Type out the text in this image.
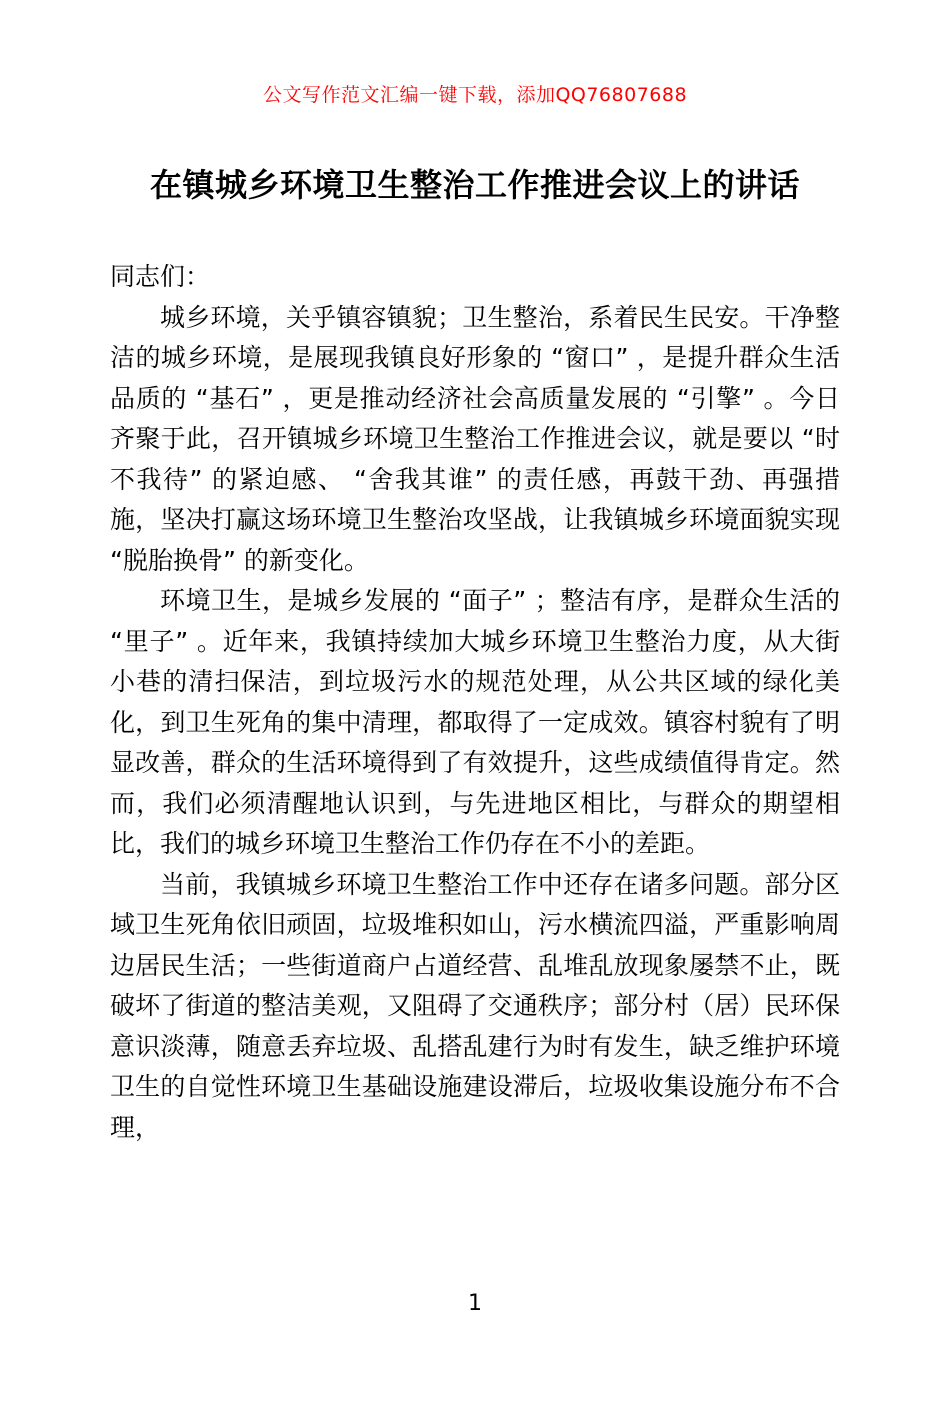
公文写作范文汇编一键下载，添加QQ76807688
在镇城乡环境卫生整治工作推进会议上的讲话

同志们：

城乡环境，关乎镇容镇貌；卫生整治，系着民生民安。干净整洁的城乡环境，是展现我镇良好形象的 “窗口” ，是提升群众生活品质的 “基石” ，更是推动经济社会高质量发展的 “引擎” 。今日齐聚于此，召开镇城乡环境卫生整治工作推进会议，就是要以 “时不我待” 的紧迫感、 “舍我其谁” 的责任感，再鼓干劲、再强措施，坚决打赢这场环境卫生整治攻坚战，让我镇城乡环境面貌实现 “脱胎换骨” 的新变化。

环境卫生，是城乡发展的 “面子” ；整洁有序，是群众生活的 “里子” 。近年来，我镇持续加大城乡环境卫生整治力度，从大街小巷的清扫保洁，到垃圾污水的规范处理，从公共区域的绿化美化，到卫生死角的集中清理，都取得了一定成效。镇容村貌有了明显改善，群众的生活环境得到了有效提升，这些成绩值得肯定。然而，我们必须清醒地认识到，与先进地区相比，与群众的期望相比，我们的城乡环境卫生整治工作仍存在不小的差距。

当前，我镇城乡环境卫生整治工作中还存在诸多问题。部分区域卫生死角依旧顽固，垃圾堆积如山，污水横流四溢，严重影响周边居民生活；一些街道商户占道经营、乱堆乱放现象屡禁不止，既破坏了街道的整洁美观，又阻碍了交通秩序；部分村（居）民环保意识淡薄，随意丢弃垃圾、乱搭乱建行为时有发生，缺乏维护环境卫生的自觉性环境卫生基础设施建设滞后，垃圾收集设施分布不合理，

1
